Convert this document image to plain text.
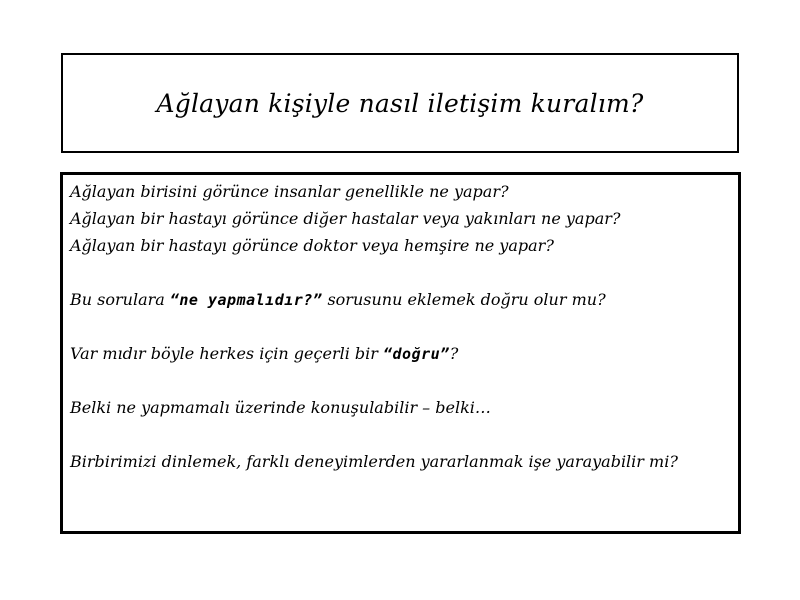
Ağlayan kişiyle nasıl iletişim kuralım?
Ağlayan birisini görünce insanlar genellikle ne yapar?
Ağlayan bir hastayı görünce diğer hastalar veya yakınları ne yapar?
Ağlayan bir hastayı görünce doktor veya hemşire ne yapar?
Bu sorulara “ne yapmalıdır?” sorusunu eklemek doğru olur mu?
Var mıdır böyle herkes için geçerli bir “doğru”?
Belki ne yapmamalı üzerinde konuşulabilir – belki…
Birbirimizi dinlemek, farklı deneyimlerden yararlanmak işe yarayabilir mi?
